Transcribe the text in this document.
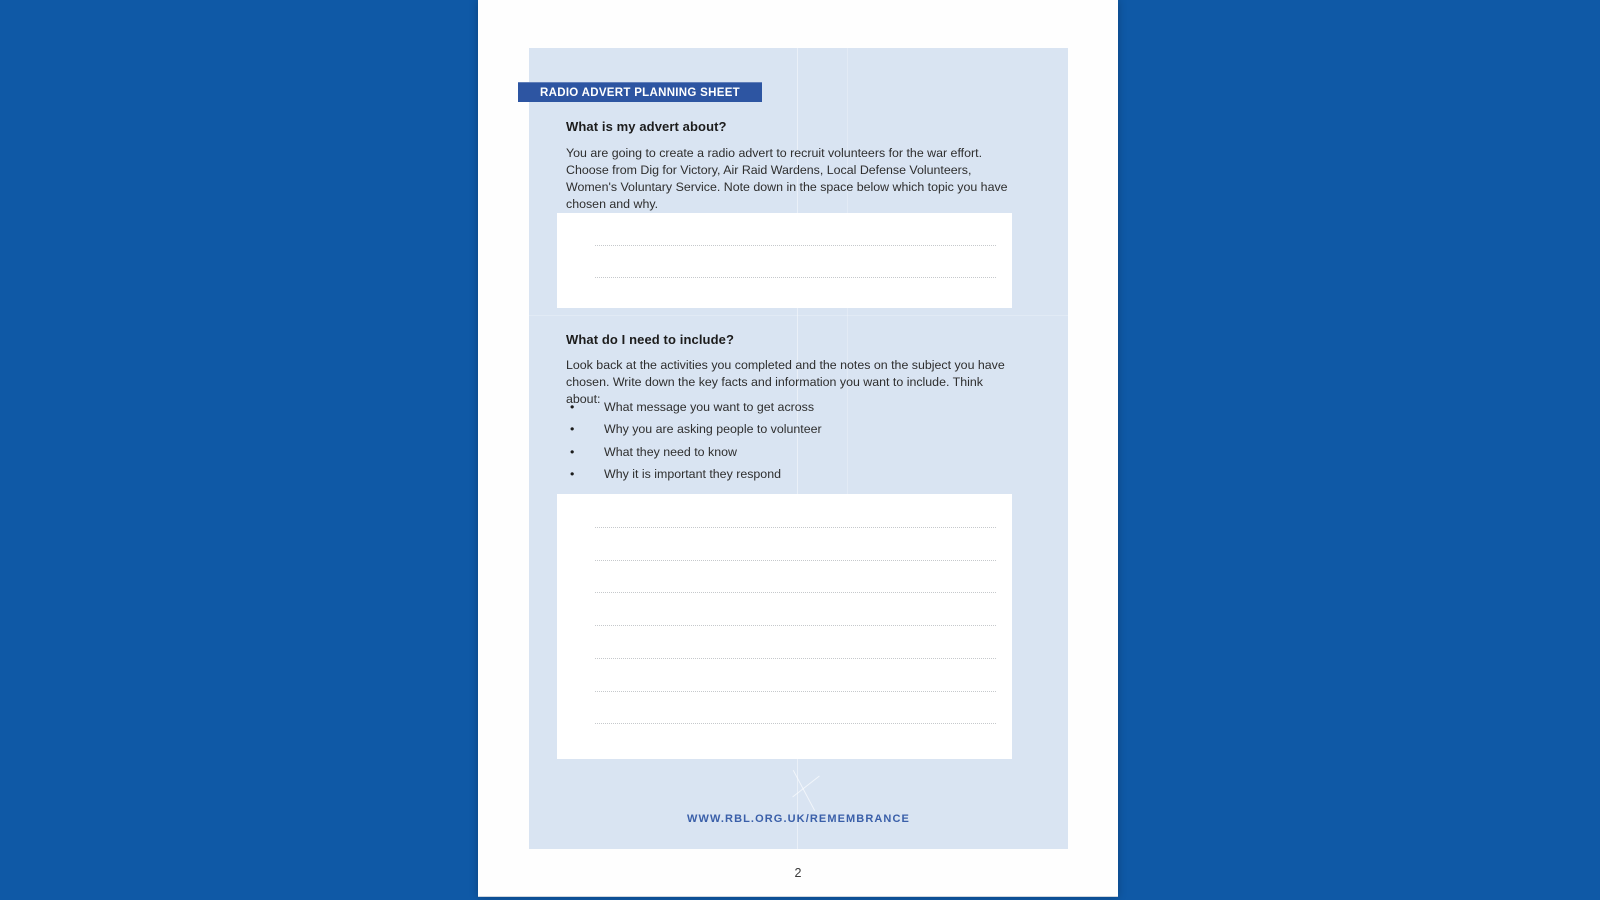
RADIO ADVERT PLANNING SHEET
What is my advert about?
You are going to create a radio advert to recruit volunteers for the war effort. Choose from Dig for Victory, Air Raid Wardens, Local Defense Volunteers, Women's Voluntary Service. Note down in the space below which topic you have chosen and why.
What do I need to include?
Look back at the activities you completed and the notes on the subject you have chosen. Write down the key facts and information you want to include. Think about:
• What message you want to get across
• Why you are asking people to volunteer
• What they need to know
• Why it is important they respond
WWW.RBL.ORG.UK/REMEMBRANCE
2
